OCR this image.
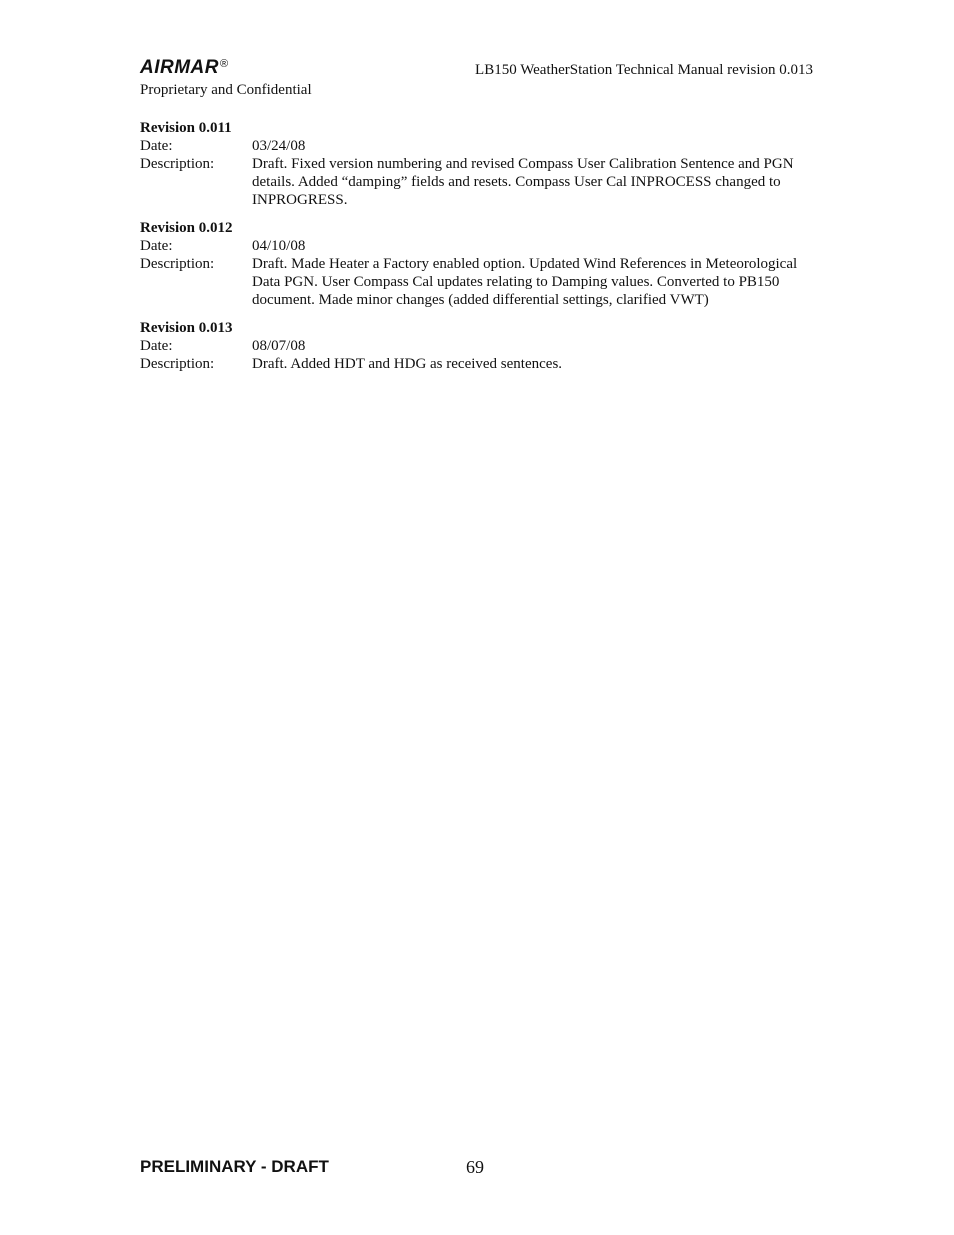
AIRMAR®	LB150 WeatherStation Technical Manual revision 0.013
Proprietary and Confidential

Revision 0.011

Date:	03/24/08
Description:	Draft. Fixed version numbering and revised Compass User Calibration Sentence and PGN details. Added “damping” fields and resets. Compass User Cal INPROCESS changed to INPROGRESS.

Revision 0.012

Date:	04/10/08
Description:	Draft. Made Heater a Factory enabled option. Updated Wind References in Meteorological Data PGN. User Compass Cal updates relating to Damping values. Converted to PB150 document. Made minor changes (added differential settings, clarified VWT)

Revision 0.013

Date:	08/07/08
Description:	Draft. Added HDT and HDG as received sentences.
PRELIMINARY - DRAFT	69
